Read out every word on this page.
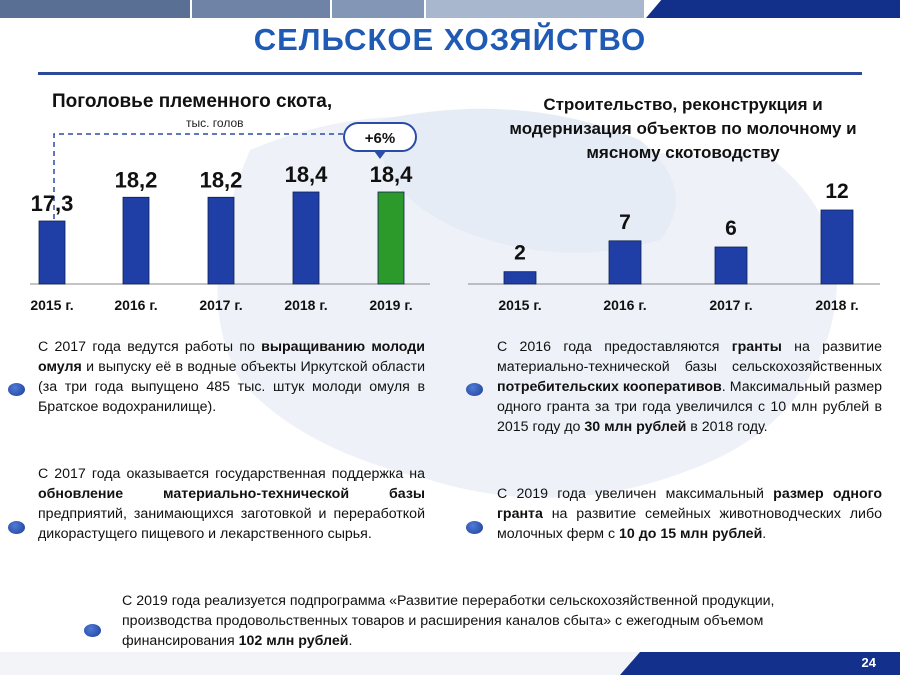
СЕЛЬСКОЕ ХОЗЯЙСТВО
Поголовье племенного скота,
тыс. голов
Строительство, реконструкция и модернизация объектов по молочному и мясному скотоводству
17,3
2015 г.
18,2
2016 г.
18,2
2017 г.
18,4
2018 г.
18,4
2019 г.
+6%
2
2015 г.
7
2016 г.
6
2017 г.
12
2018 г.
С 2017 года ведутся работы по выращиванию молоди омуля и выпуску её в водные объекты Иркутской области (за три года выпущено 485 тыс. штук молоди омуля в Братское водохранилище).
С 2017 года оказывается государственная поддержка на обновление материально-технической базы предприятий, занимающихся заготовкой и переработкой дикорастущего пищевого и лекарственного сырья.
С 2016 года предоставляются гранты на развитие материально-технической базы сельскохозяйственных потребительских кооперативов. Максимальный размер одного гранта за три года увеличился с 10 млн рублей в 2015 году до 30 млн рублей в 2018 году.
С 2019 года увеличен максимальный размер одного гранта на развитие семейных животноводческих либо молочных ферм с 10 до 15 млн рублей.
С 2019 года реализуется подпрограмма «Развитие переработки сельскохозяйственной продукции, производства продовольственных товаров и расширения каналов сбыта» с ежегодным объемом финансирования 102 млн рублей.
24
